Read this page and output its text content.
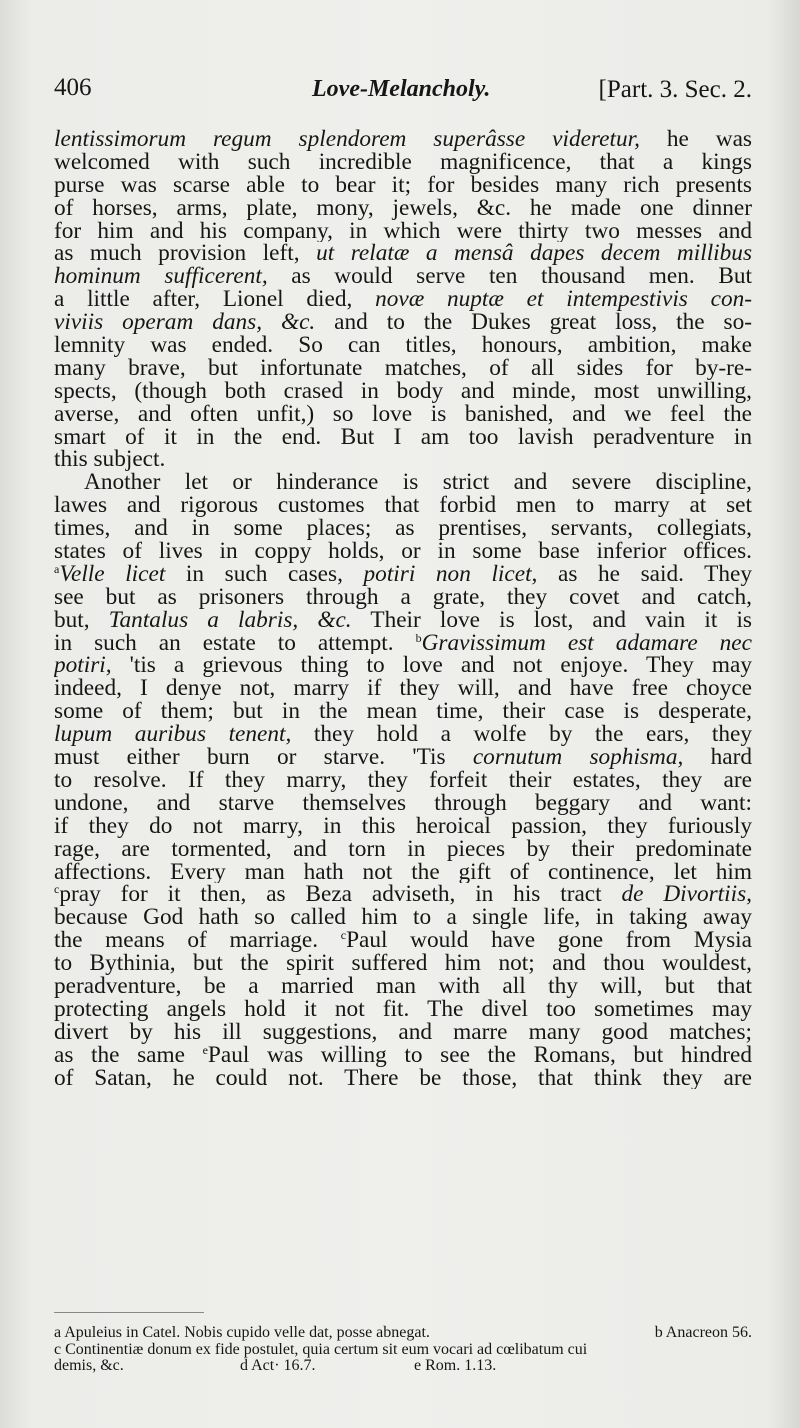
406	Love-Melancholy.	[Part. 3. Sec. 2.
lentissimorum regum splendorem superâsse videretur, he was
welcomed with such incredible magnificence, that a kings
purse was scarse able to bear it; for besides many rich presents
of horses, arms, plate, mony, jewels, &c. he made one dinner
for him and his company, in which were thirty two messes and
as much provision left, ut relatæ a mensâ dapes decem millibus
hominum sufficerent, as would serve ten thousand men. But
a little after, Lionel died, novæ nuptæ et intempestivis con-
viviis operam dans, &c. and to the Dukes great loss, the so-
lemnity was ended. So can titles, honours, ambition, make
many brave, but infortunate matches, of all sides for by-re-
spects, (though both crased in body and minde, most unwilling,
averse, and often unfit,) so love is banished, and we feel the
smart of it in the end. But I am too lavish peradventure in
this subject.
Another let or hinderance is strict and severe discipline,
lawes and rigorous customes that forbid men to marry at set
times, and in some places; as prentises, servants, collegiats,
states of lives in coppy holds, or in some base inferior offices.
$^a$Velle licet in such cases, potiri non licet, as he said. They
see but as prisoners through a grate, they covet and catch,
but, Tantalus a labris, &c. Their love is lost, and vain it is
in such an estate to attempt. $^b$Gravissimum est adamare nec
potiri, 'tis a grievous thing to love and not enjoye. They may
indeed, I denye not, marry if they will, and have free choyce
some of them; but in the mean time, their case is desperate,
lupum auribus tenent, they hold a wolfe by the ears, they
must either burn or starve. 'Tis cornutum sophisma, hard
to resolve. If they marry, they forfeit their estates, they are
undone, and starve themselves through beggary and want:
if they do not marry, in this heroical passion, they furiously
rage, are tormented, and torn in pieces by their predominate
affections. Every man hath not the gift of continence, let him
$^c$pray for it then, as Beza adviseth, in his tract de Divortiis,
because God hath so called him to a single life, in taking away
the means of marriage. $^c$Paul would have gone from Mysia
to Bythinia, but the spirit suffered him not; and thou wouldest,
peradventure, be a married man with all thy will, but that
protecting angels hold it not fit. The divel too sometimes may
divert by his ill suggestions, and marre many good matches;
as the same $^e$Paul was willing to see the Romans, but hindred
of Satan, he could not. There be those, that think they are
a Apuleius in Catel. Nobis cupido velle dat, posse abnegat.	b Anacreon 56.
c Continentiæ donum ex fide postulet, quia certum sit eum vocari ad cœlibatum cui
demis, &c.	d Act· 16.7.	e Rom. 1.13.
